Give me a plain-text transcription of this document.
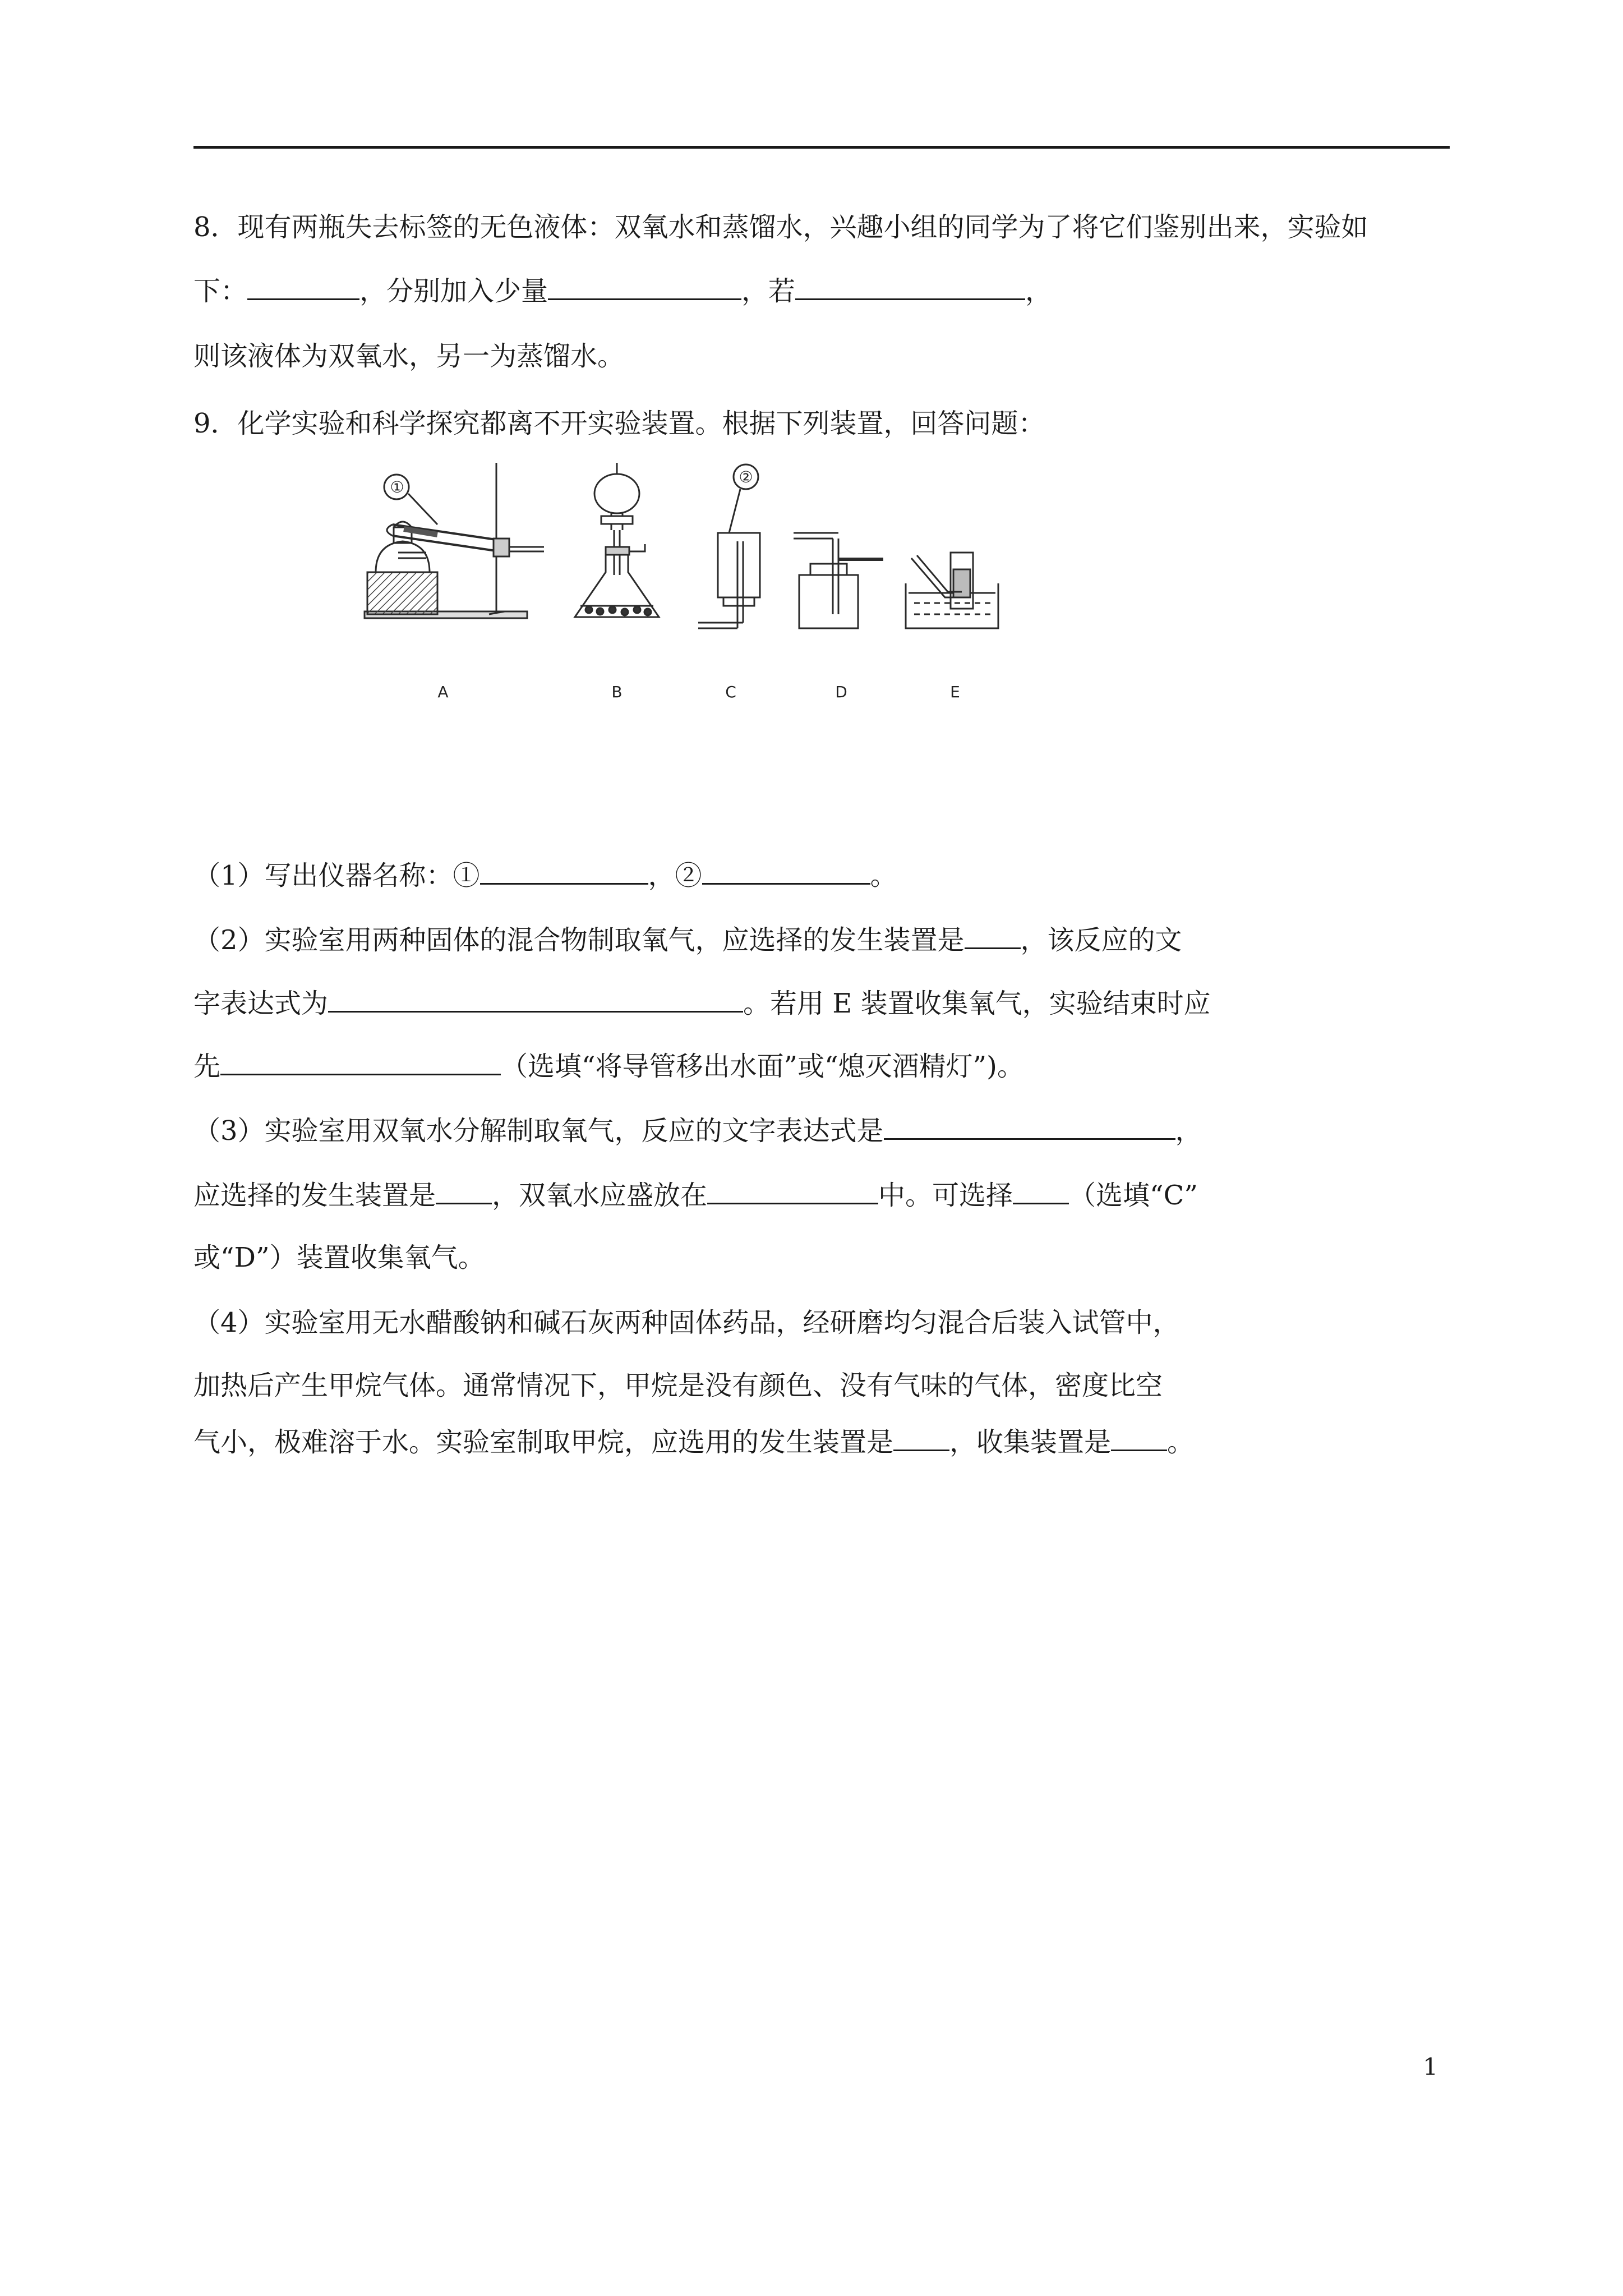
8．现有两瓶失去标签的无色液体：双氧水和蒸馏水，兴趣小组的同学为了将它们鉴别出来，实验如
下：	，分别加入少量	，若	，
则该液体为双氧水，另一为蒸馏水。
9．化学实验和科学探究都离不开实验装置。根据下列装置，回答问题：
①
②
A	B	C	D	E
（1）写出仪器名称：①	，②	。
（2）实验室用两种固体的混合物制取氧气，应选择的发生装置是 ，该反应的文
字表达式为	。若用 E 装置收集氧气，实验结束时应
先	（选填“将导管移出水面”或“熄灭酒精灯”)。
（3）实验室用双氧水分解制取氧气，反应的文字表达式是	，
应选择的发生装置是 ，双氧水应盛放在	中。可选择 （选填“C”
或“D”）装置收集氧气。
（4）实验室用无水醋酸钠和碱石灰两种固体药品，经研磨均匀混合后装入试管中，
加热后产生甲烷气体。通常情况下，甲烷是没有颜色、没有气味的气体，密度比空
气小，极难溶于水。实验室制取甲烷，应选用的发生装置是 ，收集装置是 。
1
